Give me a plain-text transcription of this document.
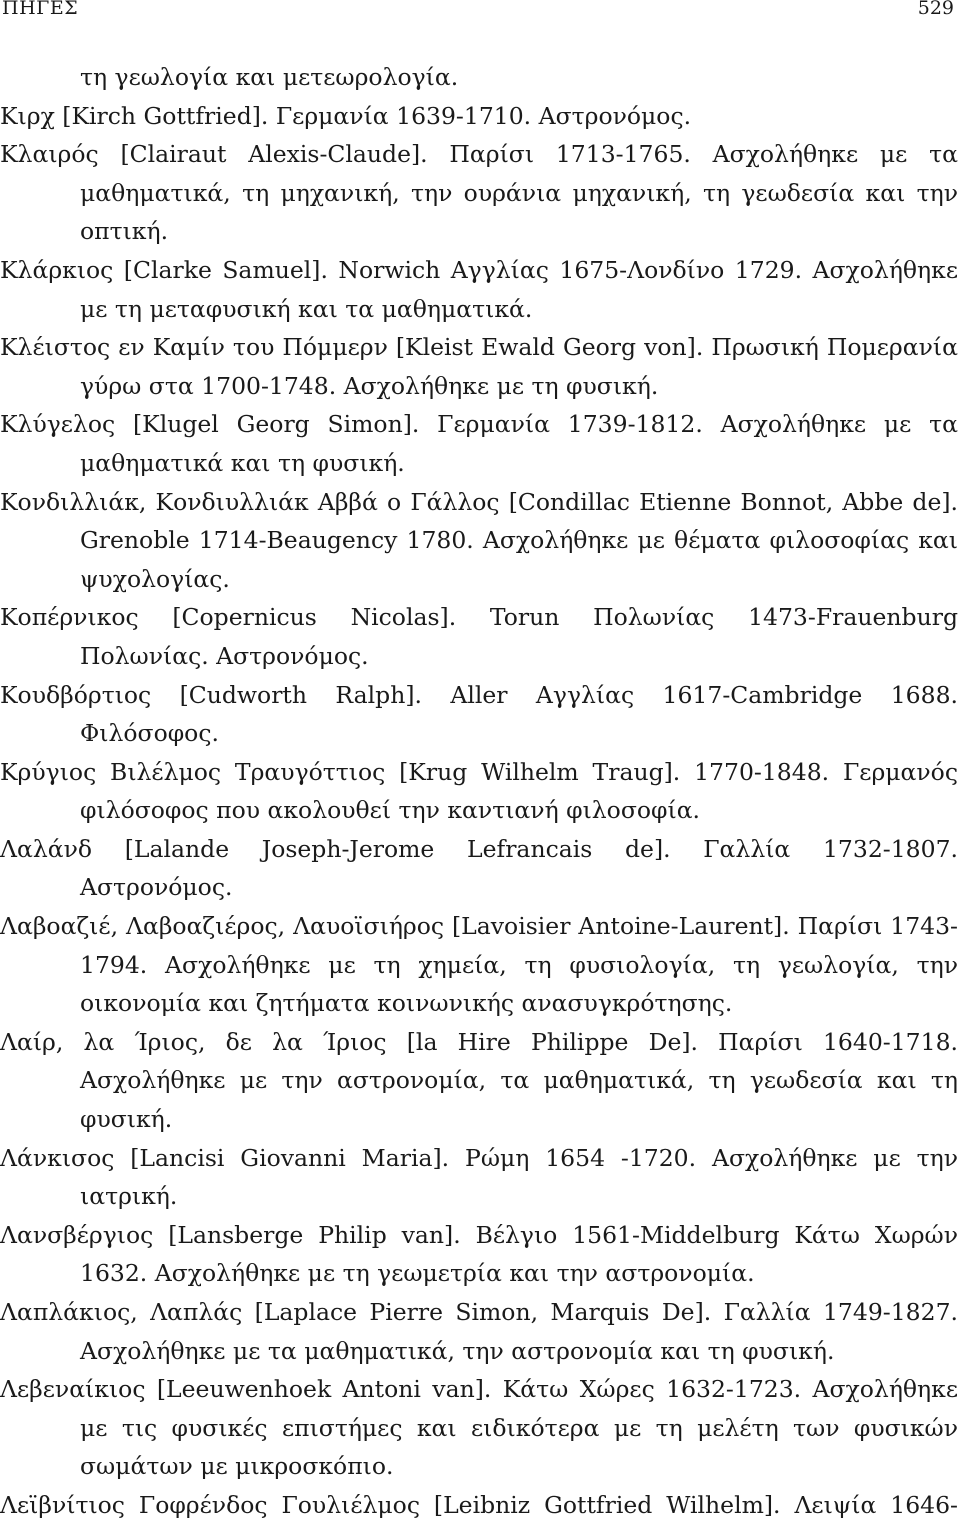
ΠΗΓΕΣ	529

τη γεωλογία και μετεωρολογία.

Κιρχ [Kirch Gottfried]. Γερμανία 1639-1710. Αστρονόμος.

Κλαιρός [Clairaut Alexis-Claude]. Παρίσι 1713-1765. Ασχολήθηκε με τα μαθηματικά, τη μηχανική, την ουράνια μηχανική, τη γεωδεσία και την οπτική.

Κλάρκιος [Clarke Samuel]. Norwich Αγγλίας 1675-Λονδίνο 1729. Ασχολήθηκε με τη μεταφυσική και τα μαθηματικά.

Κλέιστος εν Καμίν του Πόμμερν [Kleist Ewald Georg von]. Πρωσική Πομερανία γύρω στα 1700-1748. Ασχολήθηκε με τη φυσική.

Κλύγελος [Klugel Georg Simon]. Γερμανία 1739-1812. Ασχολήθηκε με τα μαθηματικά και τη φυσική.

Κονδιλλιάκ, Κονδιυλλιάκ Αββά ο Γάλλος [Condillac Etienne Bonnot, Abbe de]. Grenoble 1714-Beaugency 1780. Ασχολήθηκε με θέματα φιλοσοφίας και ψυχολογίας.

Κοπέρνικος [Copernicus Nicolas]. Torun Πολωνίας 1473-Frauenburg Πολωνίας. Αστρονόμος.

Κουδβόρτιος [Cudworth Ralph]. Aller Αγγλίας 1617-Cambridge 1688. Φιλόσοφος.

Κρύγιος Βιλέλμος Τραυγόττιος [Krug Wilhelm Traug]. 1770-1848. Γερμανός φιλόσοφος που ακολουθεί την καντιανή φιλοσοφία.

Λαλάνδ [Lalande Joseph-Jerome Lefrancais de]. Γαλλία 1732-1807. Αστρονόμος.

Λαβοαζιέ, Λαβοαζιέρος, Λαυοϊσιήρος [Lavoisier Antoine-Laurent]. Παρίσι 1743-1794. Ασχολήθηκε με τη χημεία, τη φυσιολογία, τη γεωλογία, την οικονομία και ζητήματα κοινωνικής ανασυγκρότησης.

Λαίρ, λα Ίριος, δε λα Ίριος [la Hire Philippe De]. Παρίσι 1640-1718. Ασχολήθηκε με την αστρονομία, τα μαθηματικά, τη γεωδεσία και τη φυσική.

Λάνκισος [Lancisi Giovanni Maria]. Ρώμη 1654 -1720. Ασχολήθηκε με την ιατρική.

Λανσβέργιος [Lansberge Philip van]. Βέλγιο 1561-Middelburg Κάτω Χωρών 1632. Ασχολήθηκε με τη γεωμετρία και την αστρονομία.

Λαπλάκιος, Λαπλάς [Laplace Pierre Simon, Marquis De]. Γαλλία 1749-1827. Ασχολήθηκε με τα μαθηματικά, την αστρονομία και τη φυσική.

Λεβεναίκιος [Leeuwenhoek Antoni van]. Κάτω Χώρες 1632-1723. Ασχολήθηκε με τις φυσικές επιστήμες και ειδικότερα με τη μελέτη των φυσικών σωμάτων με μικροσκόπιο.

Λεϊβνίτιος Γοφρένδος Γουλιέλμος [Leibniz Gottfried Wilhelm]. Λειψία 1646-
